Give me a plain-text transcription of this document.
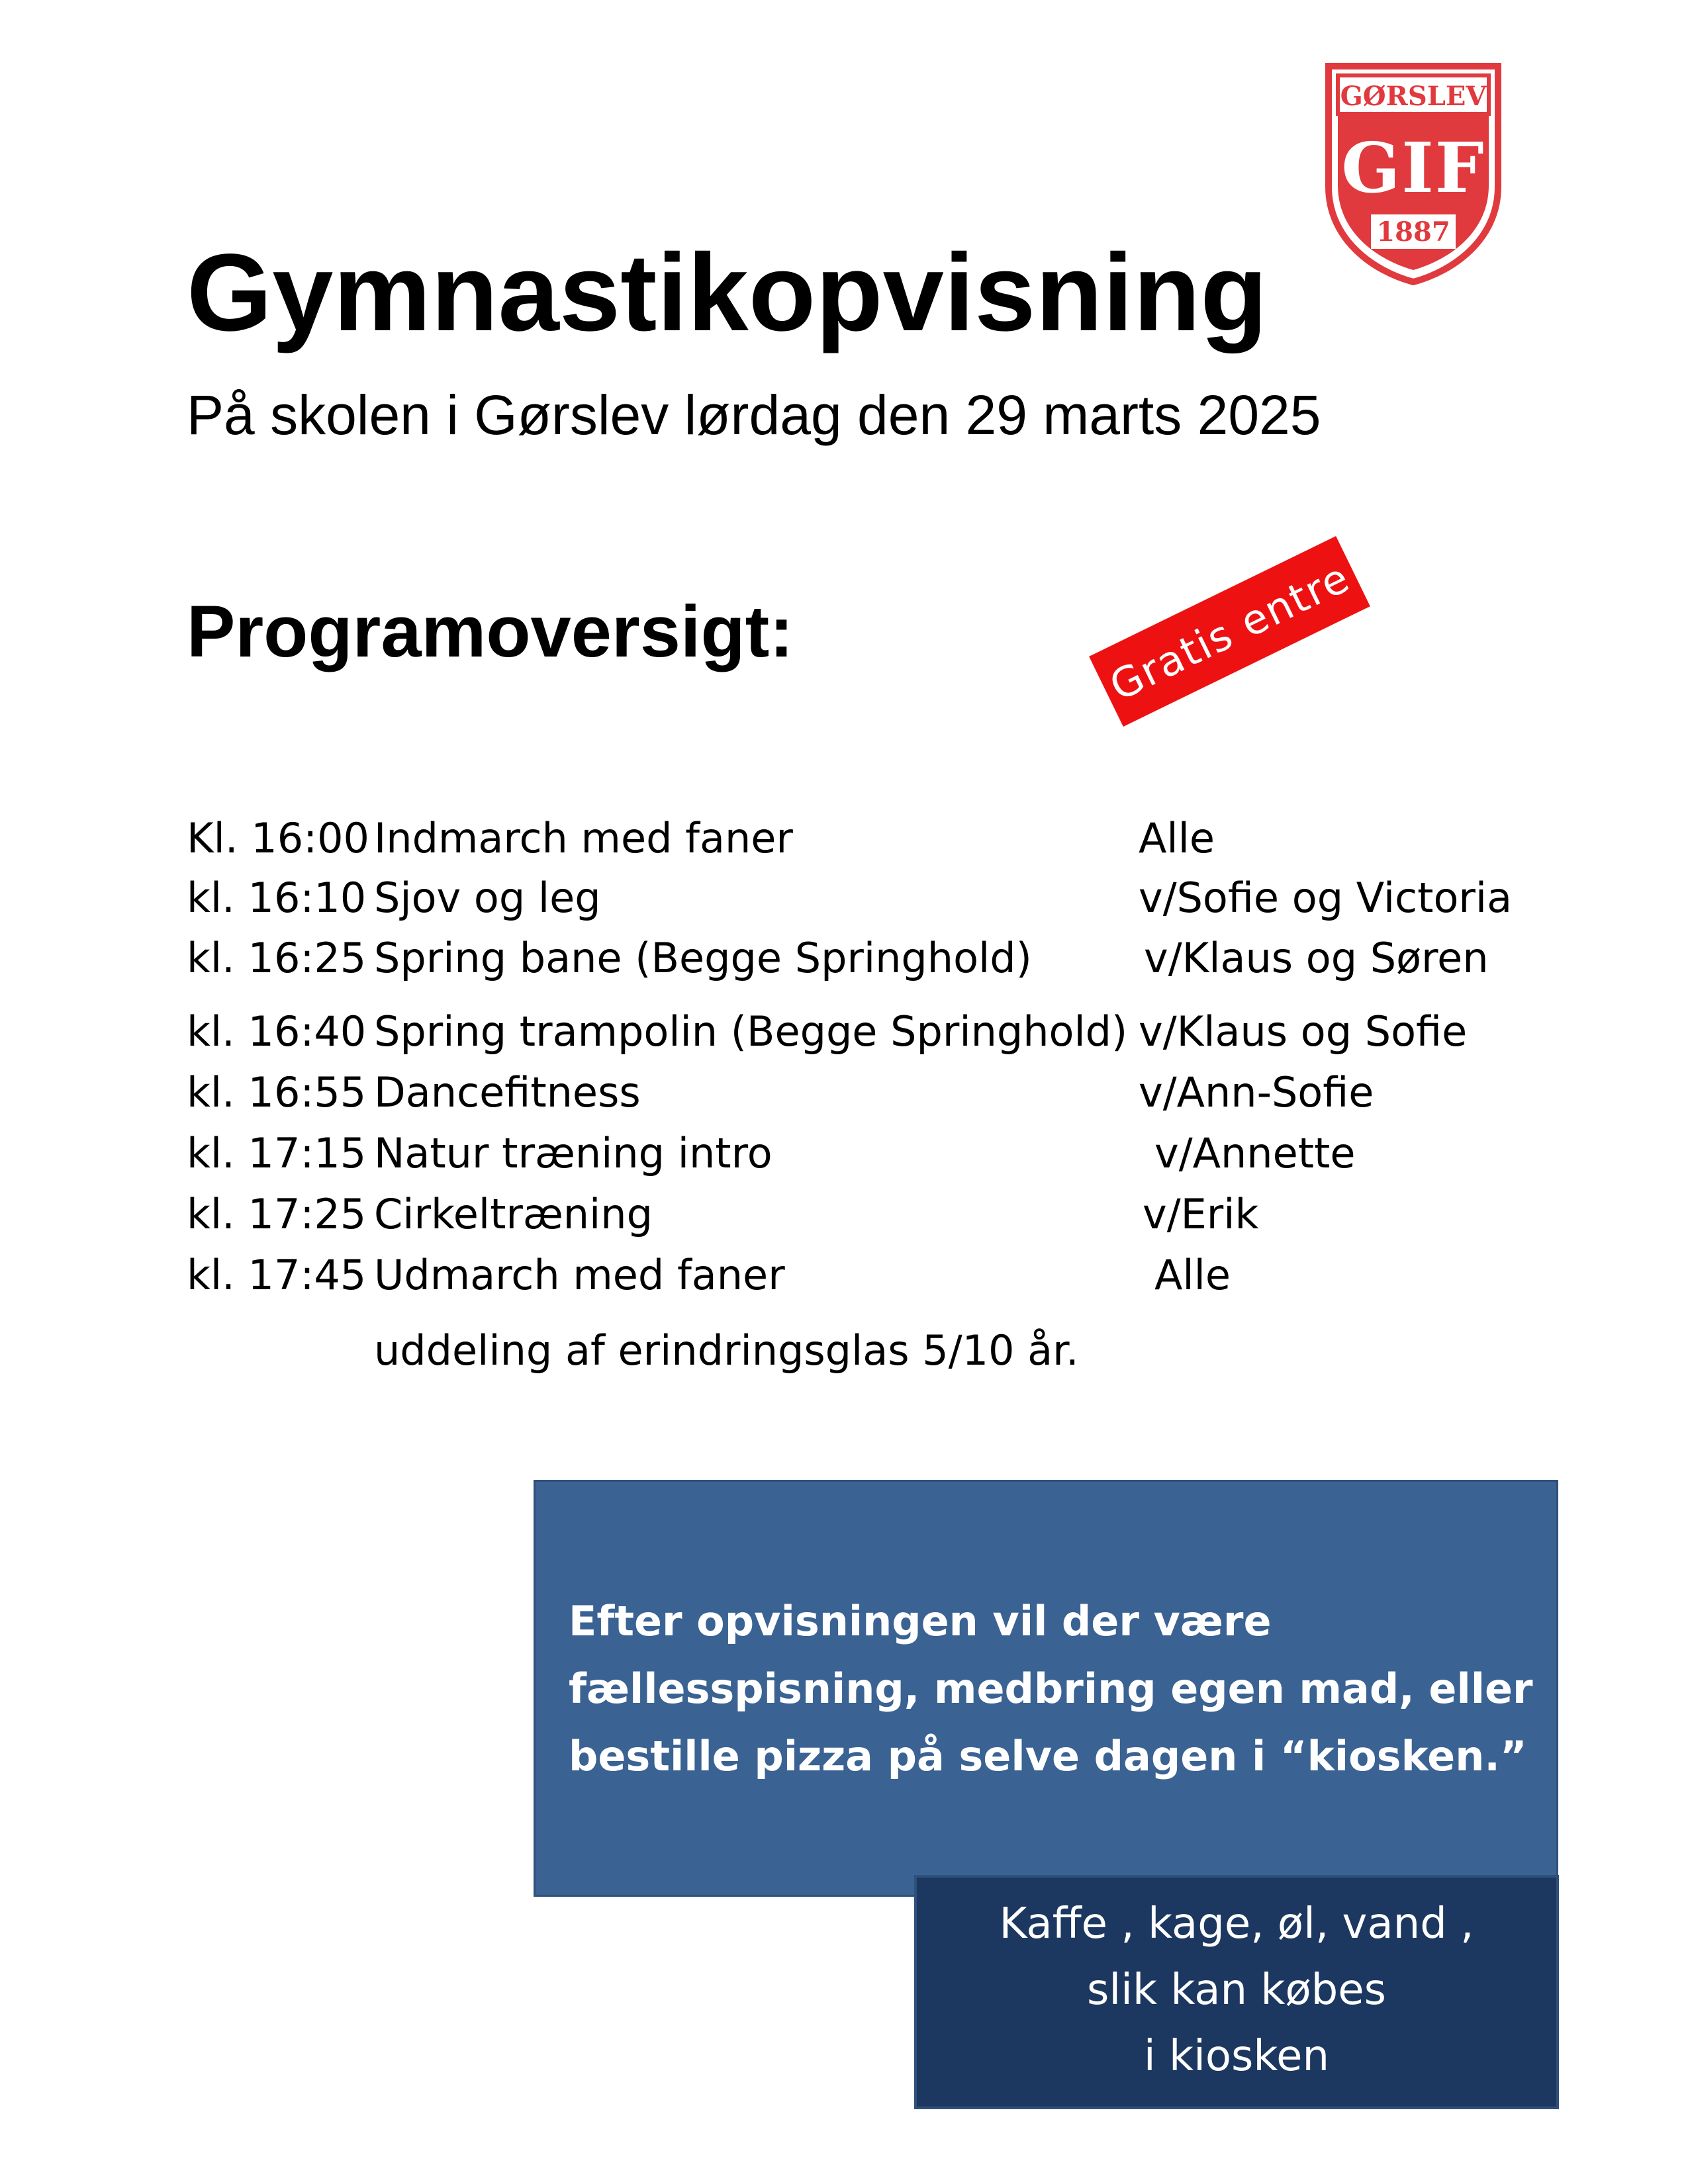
GØRSLEV
GIF
1887
Gymnastikopvisning
På skolen i Gørslev lørdag den 29 marts 2025
Programoversigt:	Gratis entre
Kl. 16:00 Indmarch med faner	Alle
kl. 16:10 Sjov og leg	v/Sofie og Victoria
kl. 16:25 Spring bane (Begge Springhold)	v/Klaus og Søren
kl. 16:40 Spring trampolin (Begge Springhold) v/Klaus og Sofie
kl. 16:55 Dancefitness	v/Ann-Sofie
kl. 17:15 Natur træning intro	v/Annette
kl. 17:25 Cirkeltræning	v/Erik
kl. 17:45 Udmarch med faner	Alle
uddeling af erindringsglas 5/10 år.
Efter opvisningen vil der være
fællesspisning, medbring egen mad, eller
bestille pizza på selve dagen i “kiosken.”
Kaffe , kage, øl, vand ,
slik kan købes
i kiosken
